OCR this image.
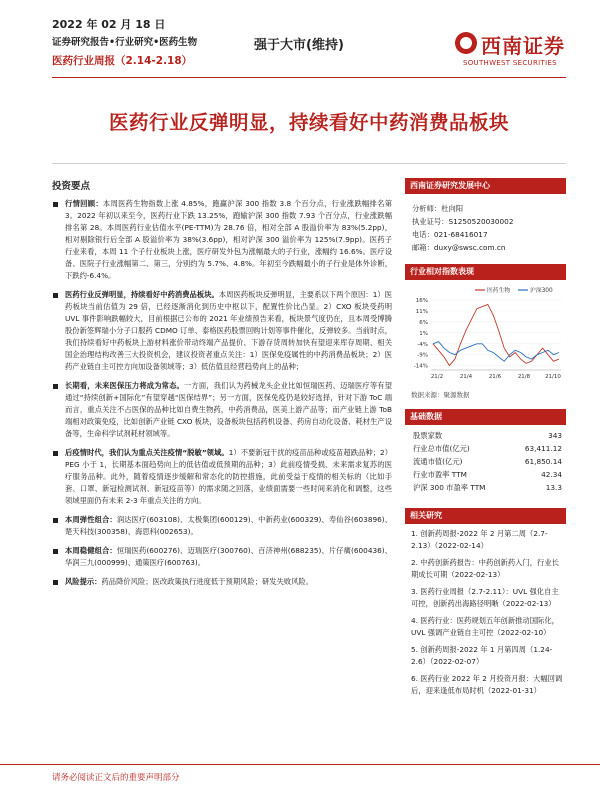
2022 年 02 月 18 日
证券研究报告•行业研究•医药生物
医药行业周报（2.14-2.18）
强于大市(维持)	西南证券
SOUTHWEST SECURITIES
医药行业反弹明显，持续看好中药消费品板块
投资要点
行情回顾：本周医药生物指数上涨 4.85%，跑赢沪深 300 指数 3.8 个百分点，行业涨跌幅排名第 3。2022 年初以来至今，医药行业下跌 13.25%，跑输沪深 300 指数 7.93 个百分点，行业涨跌幅排名第 28。本周医药行业估值水平(PE-TTM)为 28.76 倍，相对全部 A 股溢价率为 83%(5.2pp)，相对剔除银行后全部 A 股溢价率为 38%(3.6pp)，相对沪深 300 溢价率为 125%(7.9pp)。医药子行业来看，本周 11 个子行业板块上涨，医疗研发外包为涨幅最大的子行业，涨幅约 16.6%。医疗设备、医院子行业涨幅第二、第三，分别约为 5.7%、4.8%。年初至今跌幅最小的子行业是体外诊断，下跌约-6.4%。
医药行业反弹明显，持续看好中药消费品板块。本周医药板块反弹明显，主要系以下两个原因：1）医药板块当前估值为 29 倍，已经逐渐消化到历史中枢以下，配置性价比凸显。2）CXO 板块受药明 UVL 事件影响跌幅较大，目前根据已公布的 2021 年业绩预告来看，板块景气度仍在，且本周受博腾股份新签辉瑞小分子口服药 CDMO 订单、泰格医药股票回购计划等事件催化，反弹较多。当前时点，我们持续看好中药板块上游材料涨价带动终端产品提价、下游存货周转加快有望迎来库存周期、相关国企治理结构改善三大投资机会，建议投资者重点关注：1）医保免疫属性的中药消费品板块；2）医药产业链自主可控方向加设备领域等；3）低估值且经营趋势向上的品种；
长期看，未来医保压力将成为常态。一方面，我们认为药械龙头企业比如恒瑞医药、迈瑞医疗等有望通过“持续创新+国际化”有望穿越“医保结界”；另一方面，医保免疫仍是较好选择，针对下游 ToC 端而言，重点关注不占医保的品种比如自费生物药，中药消费品，医美上游产品等；而产业链上游 ToB 端相对政策免疫，比如创新产业链 CXO 板块，设备板块包括药机设备、药房自动化设备、耗材生产设备等，生命科学试剂耗材领域等。
后疫情时代，我们认为重点关注疫情“脱敏”领域。1）不要新冠干扰的疫苗品种或疫苗超跌品种；2）PEG 小于 1，长期基本面趋势向上的低估值或低预期的品种；3）此前疫情受损、未来需求复苏的医疗服务品种。此外，随着疫情逐步缓解和常态化的防控措施，此前受益于疫情的相关标的（比如手套、口罩、新冠检测试剂、新冠疫苗等）的需求随之回落，业绩面需要一些时间来消化和调整，这些领域里面仍有未来 2-3 年重点关注的方向。
本周弹性组合：润达医疗(603108)、太极集团(600129)、中新药业(600329)、寿仙谷(603896)、楚天科技(300358)、海思科(002653)。
本周稳健组合：恒瑞医药(600276)、迈瑞医疗(300760)、百济神州(688235)、片仔癀(600436)、华润三九(000999)、通策医疗(600763)。
风险提示：药品降价风险；医改政策执行进度低于预期风险；研发失败风险。
西南证券研究发展中心
分析师：杜向阳
执业证号：S1250520030002
电话：021-68416017
邮箱：duxy@swsc.com.cn
行业相对指数表现
16%
11%
6%
1%
-4%
-9%
-14%
21/2	21/4	21/6	21/8	21/10
医药生物	沪深300
数据来源：聚源数据
基础数据
股票家数	343
行业总市值(亿元)	63,411.12
流通市值(亿元)	61,850.14
行业市盈率 TTM	42.34
沪深 300 市盈率 TTM	13.3
相关研究
1. 创新药周报-2022 年 2 月第二周（2.7-2.13）（2022-02-14）
2. 中药创新药报告：中药创新药入门，行业长期成长可期（2022-02-13）
3. 医药行业周报（2.7-2.11）：UVL 强化自主可控，创新药出海路径明晰（2022-02-13）
4. 医药行业：医药规划五年创新推动国际化，UVL 强调产业链自主可控（2022-02-10）
5. 创新药周报-2022 年 1 月第四周（1.24-2.6）（2022-02-07）
6. 医药行业 2022 年 2 月投资月报：大幅回调后，迎来逢低布局时机（2022-01-31）
请务必阅读正文后的重要声明部分
